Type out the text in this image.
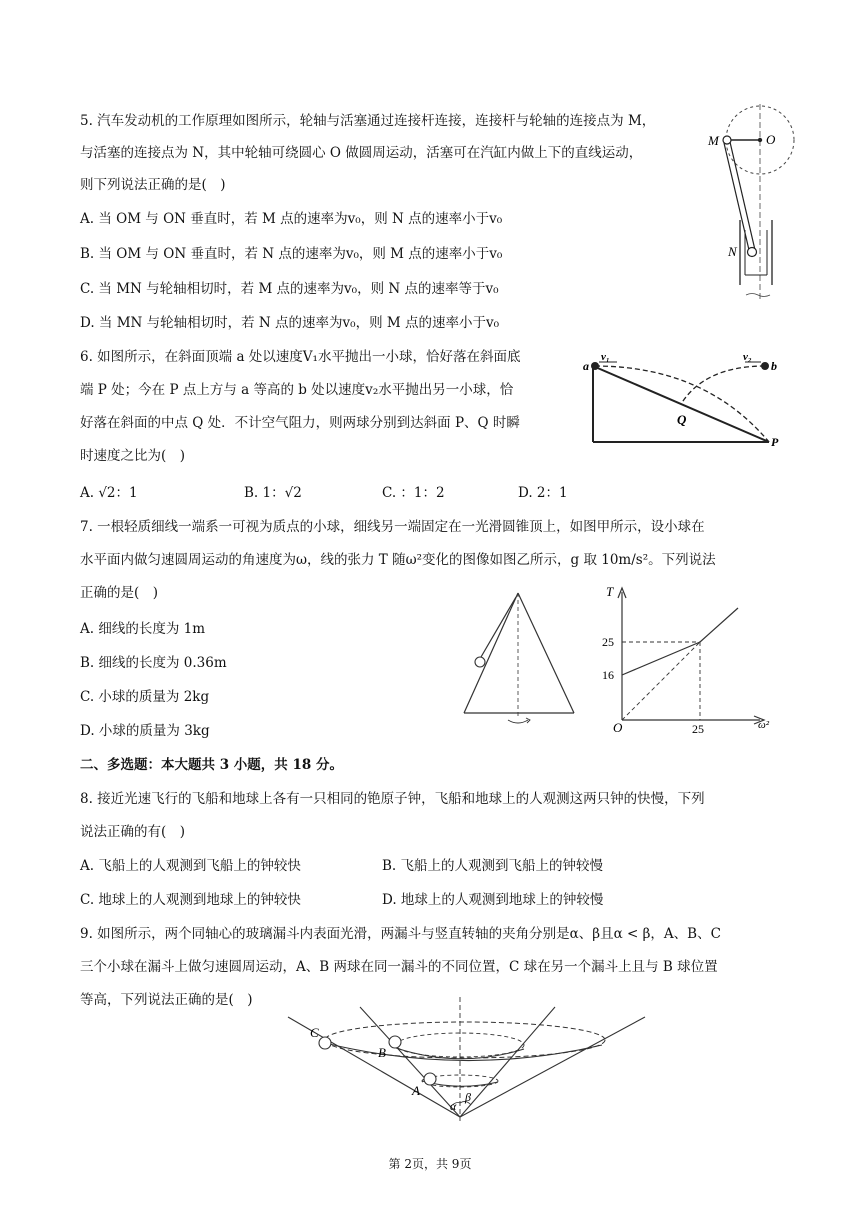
5. 汽车发动机的工作原理如图所示，轮轴与活塞通过连接杆连接，连接杆与轮轴的连接点为 M，
与活塞的连接点为 N，其中轮轴可绕圆心 O 做圆周运动，活塞可在汽缸内做上下的直线运动，
则下列说法正确的是(　)
A. 当 OM 与 ON 垂直时，若 M 点的速率为v₀，则 N 点的速率小于v₀
B. 当 OM 与 ON 垂直时，若 N 点的速率为v₀，则 M 点的速率小于v₀
C. 当 MN 与轮轴相切时，若 M 点的速率为v₀，则 N 点的速率等于v₀
D. 当 MN 与轮轴相切时，若 N 点的速率为v₀，则 M 点的速率小于v₀
M	O
N
6. 如图所示，在斜面顶端 a 处以速度V₁水平抛出一小球，恰好落在斜面底
端 P 处；今在 P 点上方与 a 等高的 b 处以速度v₂水平抛出另一小球，恰
好落在斜面的中点 Q 处．不计空气阻力，则两球分别到达斜面 P、Q 时瞬
时速度之比为(　)
A. √2：1	B. 1：√2	C. ：1：2	D. 2：1
a
v₁	v₂
b
Q
P
7. 一根轻质细线一端系一可视为质点的小球，细线另一端固定在一光滑圆锥顶上，如图甲所示，设小球在
水平面内做匀速圆周运动的角速度为ω，线的张力 T 随ω²变化的图像如图乙所示，g 取 10m/s²。下列说法
正确的是(　)
A. 细线的长度为 1m
B. 细线的长度为 0.36m
C. 小球的质量为 2kg
D. 小球的质量为 3kg
T
ω²
O
25
16
25
二、多选题：本大题共 3 小题，共 18 分。
8. 接近光速飞行的飞船和地球上各有一只相同的铯原子钟，飞船和地球上的人观测这两只钟的快慢，下列
说法正确的有(　)
A. 飞船上的人观测到飞船上的钟较快	B. 飞船上的人观测到飞船上的钟较慢
C. 地球上的人观测到地球上的钟较快	D. 地球上的人观测到地球上的钟较慢
9. 如图所示，两个同轴心的玻璃漏斗内表面光滑，两漏斗与竖直转轴的夹角分别是α、β且α < β，A、B、C
三个小球在漏斗上做匀速圆周运动，A、B 两球在同一漏斗的不同位置，C 球在另一个漏斗上且与 B 球位置
等高，下列说法正确的是(　)
C
B
A
α
β
第 2页，共 9页
